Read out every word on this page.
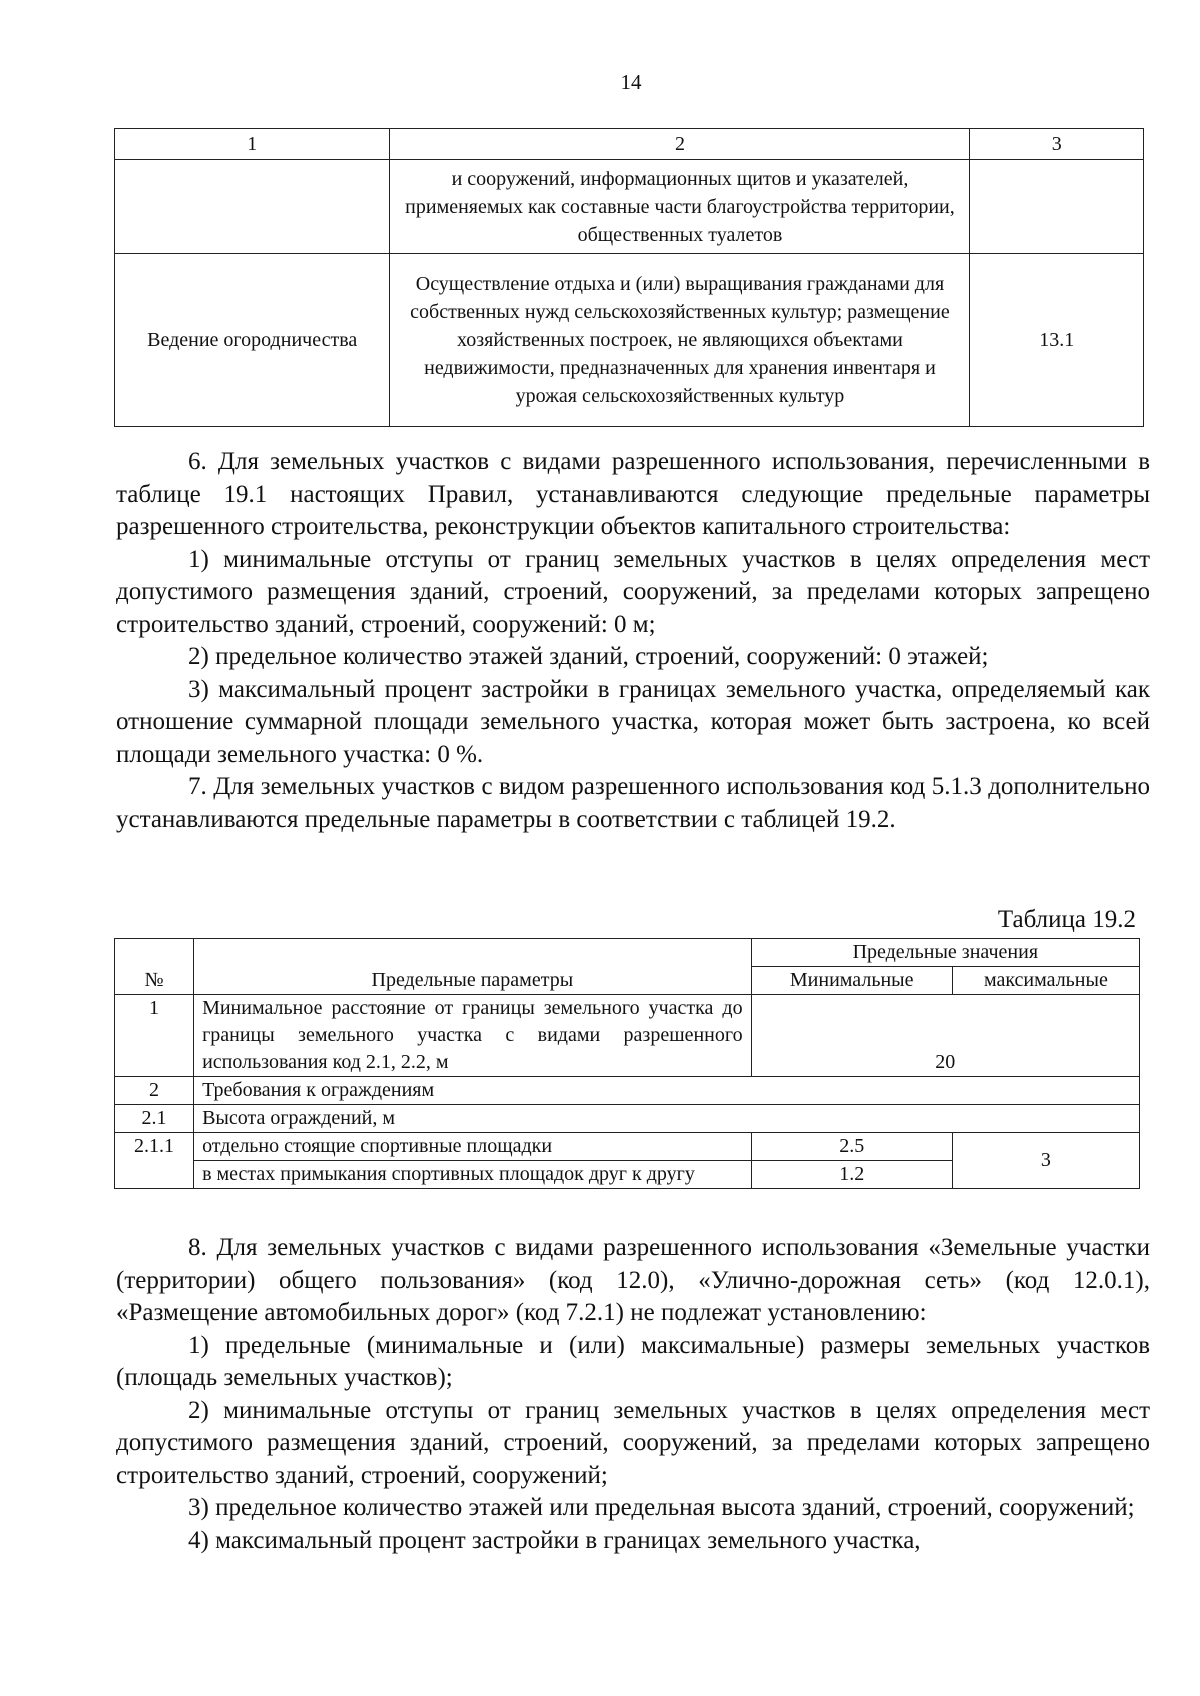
14
1	2	3
	и сооружений, информационных щитов и указателей, применяемых как составные части благоустройства территории, общественных туалетов	
Ведение огородничества	Осуществление отдыха и (или) выращивания гражданами для собственных нужд сельскохозяйственных культур; размещение хозяйственных построек, не являющихся объектами недвижимости, предназначенных для хранения инвентаря и урожая сельскохозяйственных культур	13.1

6. Для земельных участков с видами разрешенного использования, перечисленными в таблице 19.1 настоящих Правил, устанавливаются следующие предельные параметры разрешенного строительства, реконструкции объектов капитального строительства:

1) минимальные отступы от границ земельных участков в целях определения мест допустимого размещения зданий, строений, сооружений, за пределами которых запрещено строительство зданий, строений, сооружений: 0 м;

2) предельное количество этажей зданий, строений, сооружений: 0 этажей;

3) максимальный процент застройки в границах земельного участка, определяемый как отношение суммарной площади земельного участка, которая может быть застроена, ко всей площади земельного участка: 0 %.

7. Для земельных участков с видом разрешенного использования код 5.1.3 дополнительно устанавливаются предельные параметры в соответствии с таблицей 19.2.

Таблица 19.2
№	Предельные параметры	Предельные значения	
		Минимальные	максимальные
1	Минимальное расстояние от границы земельного участка до границы земельного участка с видами разрешенного использования код 2.1, 2.2, м	20	
2	Требования к ограждениям		
2.1	Высота ограждений, м		
2.1.1	отдельно стоящие спортивные площадки	2.5	3
	в местах примыкания спортивных площадок друг к другу	1.2	

8. Для земельных участков с видами разрешенного использования «Земельные участки (территории) общего пользования» (код 12.0), «Улично-дорожная сеть» (код 12.0.1), «Размещение автомобильных дорог» (код 7.2.1) не подлежат установлению:

1) предельные (минимальные и (или) максимальные) размеры земельных участков (площадь земельных участков);

2) минимальные отступы от границ земельных участков в целях определения мест допустимого размещения зданий, строений, сооружений, за пределами которых запрещено строительство зданий, строений, сооружений;

3) предельное количество этажей или предельная высота зданий, строений, сооружений;

4) максимальный процент застройки в границах земельного участка,
